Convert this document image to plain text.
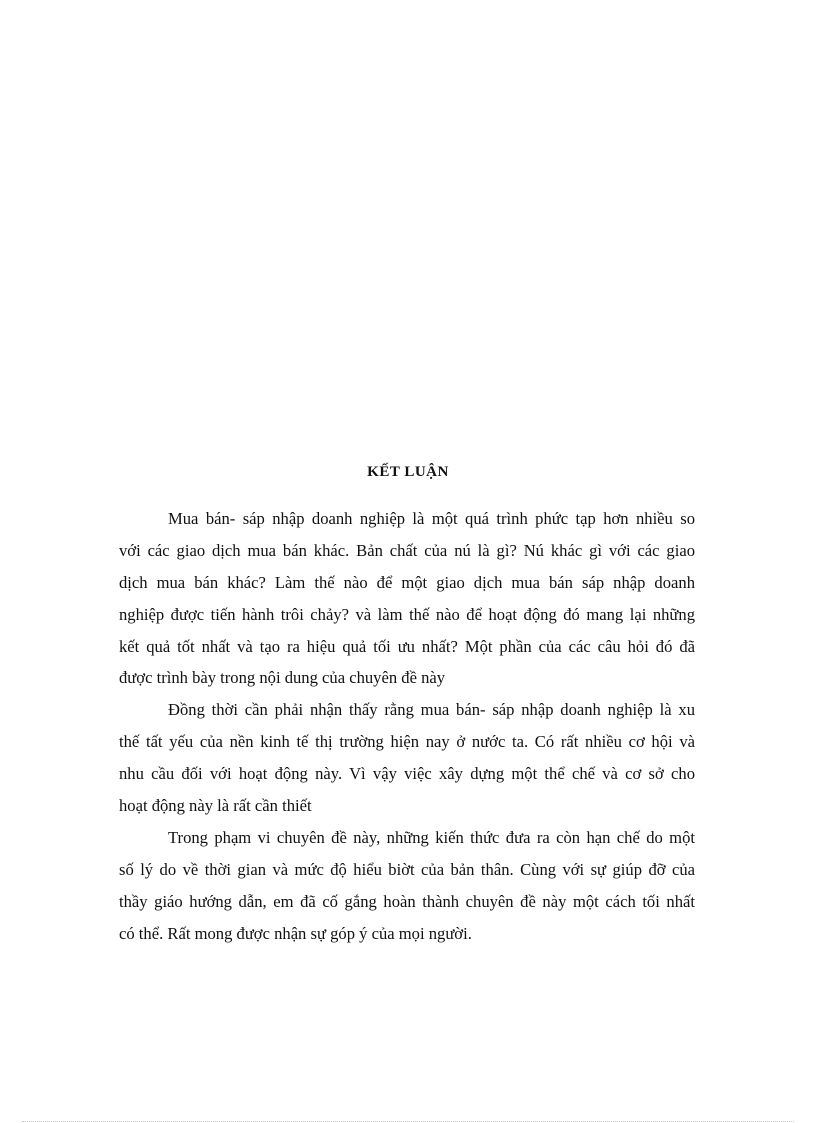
KẾT LUẬN
Mua bán- sáp nhập doanh nghiệp là một quá trình phức tạp hơn nhiều so
với các giao dịch mua bán khác. Bản chất của nú là gì? Nú khác gì với các giao
dịch mua bán khác? Làm thế nào để một giao dịch mua bán sáp nhập doanh
nghiệp được tiến hành trôi chảy? và làm thế nào để hoạt động đó mang lại những
kết quả tốt nhất và tạo ra hiệu quả tối ưu nhất? Một phần của các câu hỏi đó đã
được trình bày trong nội dung của chuyên đề này
Đồng thời cần phải nhận thấy rằng mua bán- sáp nhập doanh nghiệp là xu
thế tất yếu của nền kinh tế thị trường hiện nay ở nước ta. Có rất nhiều cơ hội và
nhu cầu đối với hoạt động này. Vì vậy việc xây dựng một thể chế và cơ sở cho
hoạt động này là rất cần thiết
Trong phạm vi chuyên đề này, những kiến thức đưa ra còn hạn chế do một
số lý do về thời gian và mức độ hiểu biờt của bản thân. Cùng với sự giúp đỡ của
thầy giáo hướng dẫn, em đã cố gắng hoàn thành chuyên đề này một cách tối nhất
có thể. Rất mong được nhận sự góp ý của mọi người.
